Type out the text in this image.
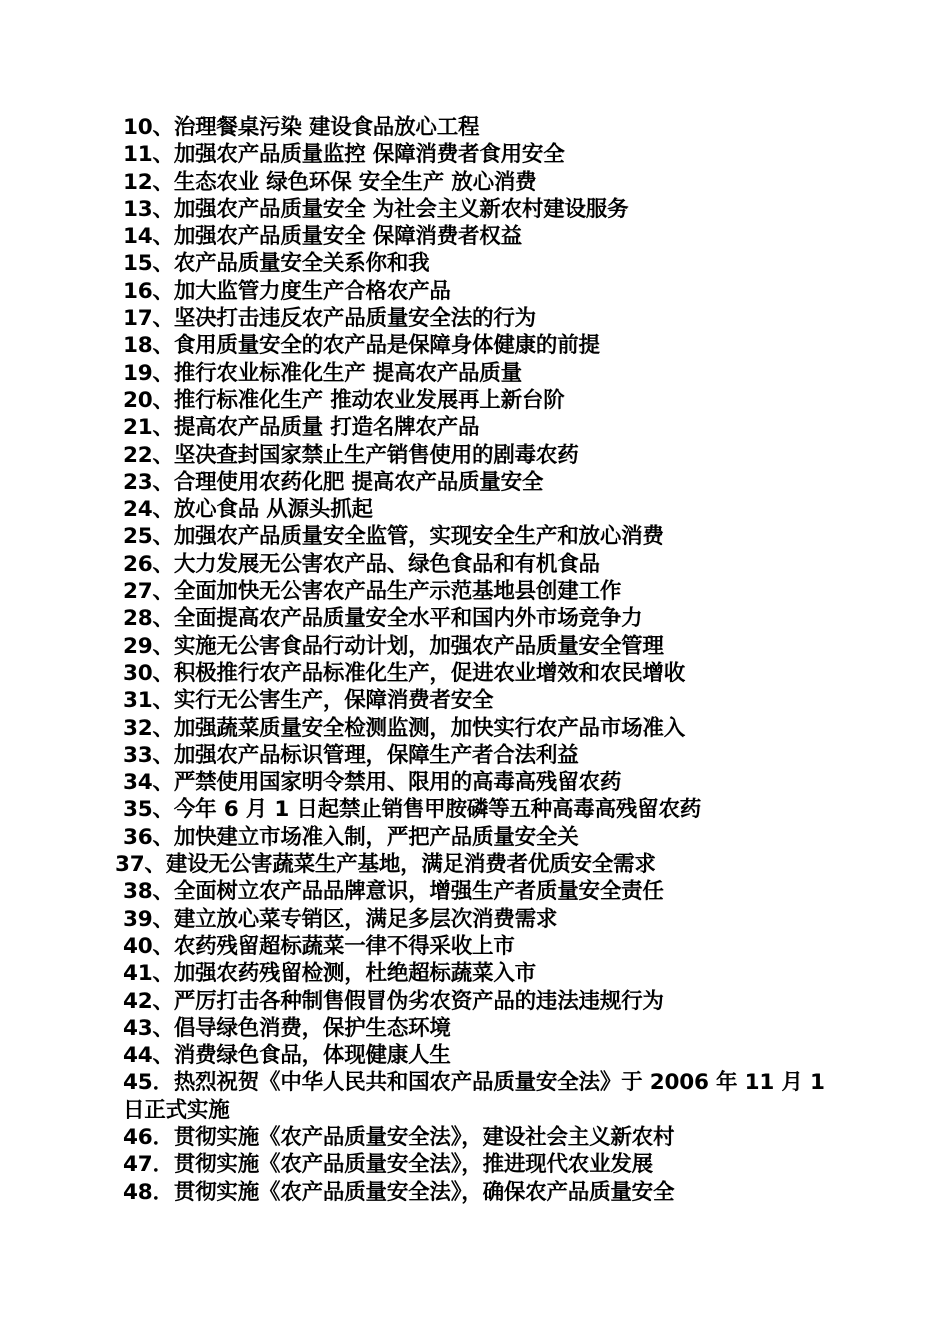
10、治理餐桌污染 建设食品放心工程
11、加强农产品质量监控 保障消费者食用安全
12、生态农业 绿色环保 安全生产 放心消费
13、加强农产品质量安全 为社会主义新农村建设服务
14、加强农产品质量安全 保障消费者权益
15、农产品质量安全关系你和我
16、加大监管力度生产合格农产品
17、坚决打击违反农产品质量安全法的行为
18、食用质量安全的农产品是保障身体健康的前提
19、推行农业标准化生产 提高农产品质量
20、推行标准化生产 推动农业发展再上新台阶
21、提高农产品质量 打造名牌农产品
22、坚决查封国家禁止生产销售使用的剧毒农药
23、合理使用农药化肥 提高农产品质量安全
24、放心食品 从源头抓起
25、加强农产品质量安全监管，实现安全生产和放心消费
26、大力发展无公害农产品、绿色食品和有机食品
27、全面加快无公害农产品生产示范基地县创建工作
28、全面提高农产品质量安全水平和国内外市场竞争力
29、实施无公害食品行动计划，加强农产品质量安全管理
30、积极推行农产品标准化生产，促进农业增效和农民增收
31、实行无公害生产，保障消费者安全
32、加强蔬菜质量安全检测监测，加快实行农产品市场准入
33、加强农产品标识管理，保障生产者合法利益
34、严禁使用国家明令禁用、限用的高毒高残留农药
35、今年 6 月 1 日起禁止销售甲胺磷等五种高毒高残留农药
36、加快建立市场准入制，严把产品质量安全关
37、建设无公害蔬菜生产基地，满足消费者优质安全需求
38、全面树立农产品品牌意识，增强生产者质量安全责任
39、建立放心菜专销区，满足多层次消费需求
40、农药残留超标蔬菜一律不得采收上市
41、加强农药残留检测，杜绝超标蔬菜入市
42、严厉打击各种制售假冒伪劣农资产品的违法违规行为
43、倡导绿色消费，保护生态环境
44、消费绿色食品，体现健康人生
45．热烈祝贺《中华人民共和国农产品质量安全法》于 2006 年 11 月 1 日正式实施
46．贯彻实施《农产品质量安全法》，建设社会主义新农村
47．贯彻实施《农产品质量安全法》，推进现代农业发展
48．贯彻实施《农产品质量安全法》，确保农产品质量安全
